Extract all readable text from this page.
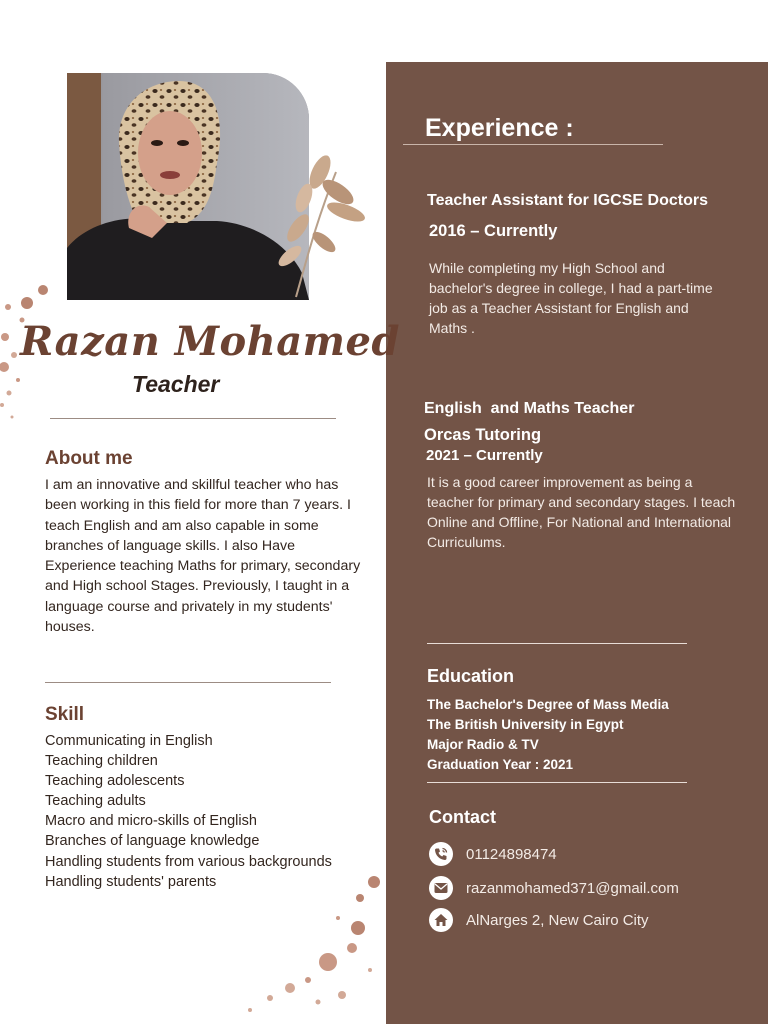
Experience :
Teacher Assistant for IGCSE Doctors
2016 – Currently
While completing my High School and bachelor's degree in college, I had a part-time job as a Teacher Assistant for English and Maths .
English  and Maths Teacher
Orcas Tutoring
2021 – Currently
It is a good career improvement as being a teacher for primary and secondary stages. I teach Online and Offline, For National and International Curriculums.
Education
The Bachelor's Degree of Mass Media
The British University in Egypt
Major Radio & TV
Graduation Year : 2021
Contact
01124898474
razanmohamed371@gmail.com
AlNarges 2, New Cairo City
Razan Mohamed
Teacher
About me
I am an innovative and skillful teacher who has been working in this field for more than 7 years. I teach English and am also capable in some branches of language skills. I also Have Experience teaching Maths for primary, secondary and High school Stages. Previously, I taught in a language course and privately in my students' houses.
Skill
Communicating in English
Teaching children
Teaching adolescents
Teaching adults
Macro and micro-skills of English
Branches of language knowledge
Handling students from various backgrounds
Handling students' parents
